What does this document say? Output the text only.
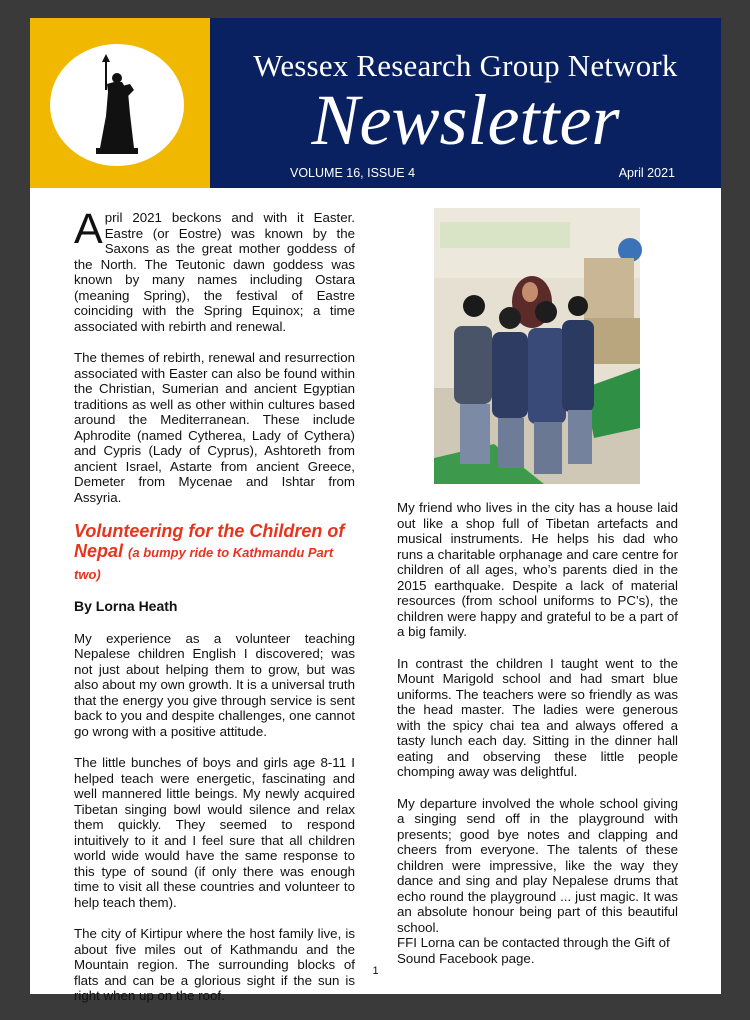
Wessex Research Group Network
Newsletter
VOLUME 16, ISSUE 4	April 2021

April 2021 beckons and with it Easter. Eastre (or Eostre) was known by the Saxons as the great mother goddess of the North. The Teutonic dawn goddess was known by many names including Ostara (meaning Spring), the festival of Eastre coinciding with the Spring Equinox; a time associated with rebirth and renewal.

The themes of rebirth, renewal and resurrection associated with Easter can also be found within the Christian, Sumerian and ancient Egyptian traditions as well as other within cultures based around the Mediterranean. These include Aphrodite (named Cytherea, Lady of Cythera) and Cypris (Lady of Cyprus), Ashtoreth from ancient Israel, Astarte from ancient Greece, Demeter from Mycenae and Ishtar from Assyria.

Volunteering for the Children of Nepal (a bumpy ride to Kathmandu Part two)
By Lorna Heath

My experience as a volunteer teaching Nepalese children English I discovered; was not just about helping them to grow, but was also about my own growth. It is a universal truth that the energy you give through service is sent back to you and despite challenges, one cannot go wrong with a positive attitude.

The little bunches of boys and girls age 8-11 I helped teach were energetic, fascinating and well mannered little beings. My newly acquired Tibetan singing bowl would silence and relax them quickly. They seemed to respond intuitively to it and I feel sure that all children world wide would have the same response to this type of sound (if only there was enough time to visit all these countries and volunteer to help teach them).

The city of Kirtipur where the host family live, is about five miles out of Kathmandu and the Mountain region. The surrounding blocks of flats and can be a glorious sight if the sun is right when up on the roof.

My friend who lives in the city has a house laid out like a shop full of Tibetan artefacts and musical instruments. He helps his dad who runs a charitable orphanage and care centre for children of all ages, who’s parents died in the 2015 earthquake. Despite a lack of material resources (from school uniforms to PC’s), the children were happy and grateful to be a part of a big family.

In contrast the children I taught went to the Mount Marigold school and had smart blue uniforms. The teachers were so friendly as was the head master. The ladies were generous with the spicy chai tea and always offered a tasty lunch each day. Sitting in the dinner hall eating and observing these little people chomping away was delightful.

My departure involved the whole school giving a singing send off in the playground with presents; good bye notes and clapping and cheers from everyone. The talents of these children were impressive, like the way they dance and sing and play Nepalese drums that echo round the playground ... just magic. It was an absolute honour being part of this beautiful school.

FFI Lorna can be contacted through the Gift of Sound Facebook page.

1
